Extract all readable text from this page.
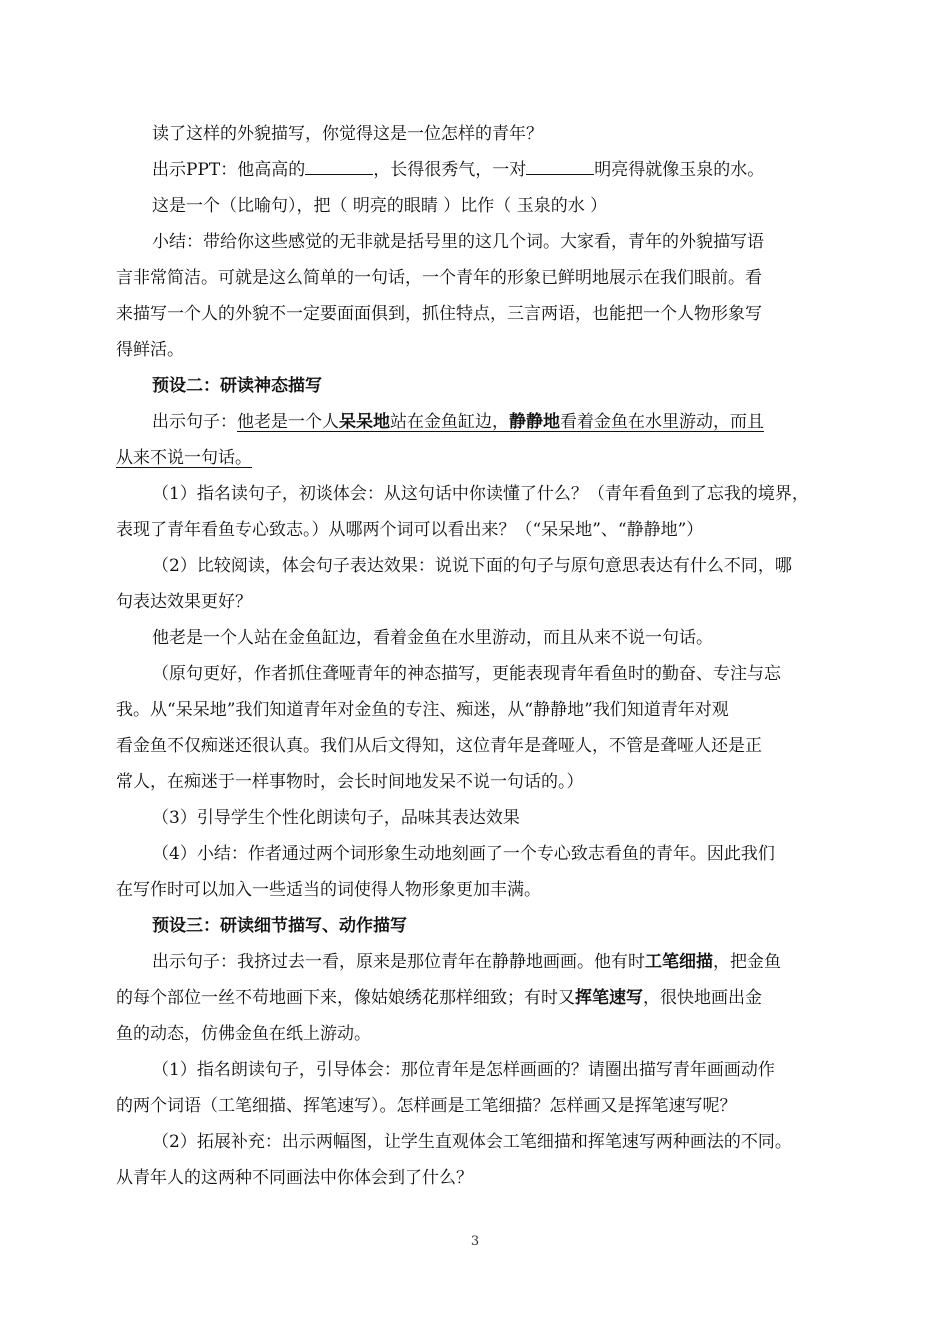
读了这样的外貌描写，你觉得这是一位怎样的青年？

出示PPT：他高高的	，长得很秀气，一对	明亮得就像玉泉的水。

这是一个（比喻句），把（ 明亮的眼睛 ）比作（ 玉泉的水 ）

小结：带给你这些感觉的无非就是括号里的这几个词。大家看，青年的外貌描写语

言非常简洁。可就是这么简单的一句话，一个青年的形象已鲜明地展示在我们眼前。看

来描写一个人的外貌不一定要面面俱到，抓住特点，三言两语，也能把一个人物形象写

得鲜活。

预设二：研读神态描写

出示句子：他老是一个人呆呆地站在金鱼缸边，静静地看着金鱼在水里游动，而且

从来不说一句话。

（1）指名读句子，初谈体会：从这句话中你读懂了什么？（青年看鱼到了忘我的境界，

表现了青年看鱼专心致志。）从哪两个词可以看出来？（“呆呆地”、“静静地”）

（2）比较阅读，体会句子表达效果：说说下面的句子与原句意思表达有什么不同，哪

句表达效果更好？

他老是一个人站在金鱼缸边，看着金鱼在水里游动，而且从来不说一句话。

（原句更好，作者抓住聋哑青年的神态描写，更能表现青年看鱼时的勤奋、专注与忘

我。从“呆呆地”我们知道青年对金鱼的专注、痴迷，从“静静地”我们知道青年对观

看金鱼不仅痴迷还很认真。我们从后文得知，这位青年是聋哑人，不管是聋哑人还是正

常人，在痴迷于一样事物时，会长时间地发呆不说一句话的。）

（3）引导学生个性化朗读句子，品味其表达效果

（4）小结：作者通过两个词形象生动地刻画了一个专心致志看鱼的青年。因此我们

在写作时可以加入一些适当的词使得人物形象更加丰满。

预设三：研读细节描写、动作描写

出示句子：我挤过去一看，原来是那位青年在静静地画画。他有时工笔细描，把金鱼

的每个部位一丝不苟地画下来，像姑娘绣花那样细致；有时又挥笔速写，很快地画出金

鱼的动态，仿佛金鱼在纸上游动。

（1）指名朗读句子，引导体会：那位青年是怎样画画的？请圈出描写青年画画动作

的两个词语（工笔细描、挥笔速写）。怎样画是工笔细描？怎样画又是挥笔速写呢？

（2）拓展补充：出示两幅图，让学生直观体会工笔细描和挥笔速写两种画法的不同。

从青年人的这两种不同画法中你体会到了什么？

3
